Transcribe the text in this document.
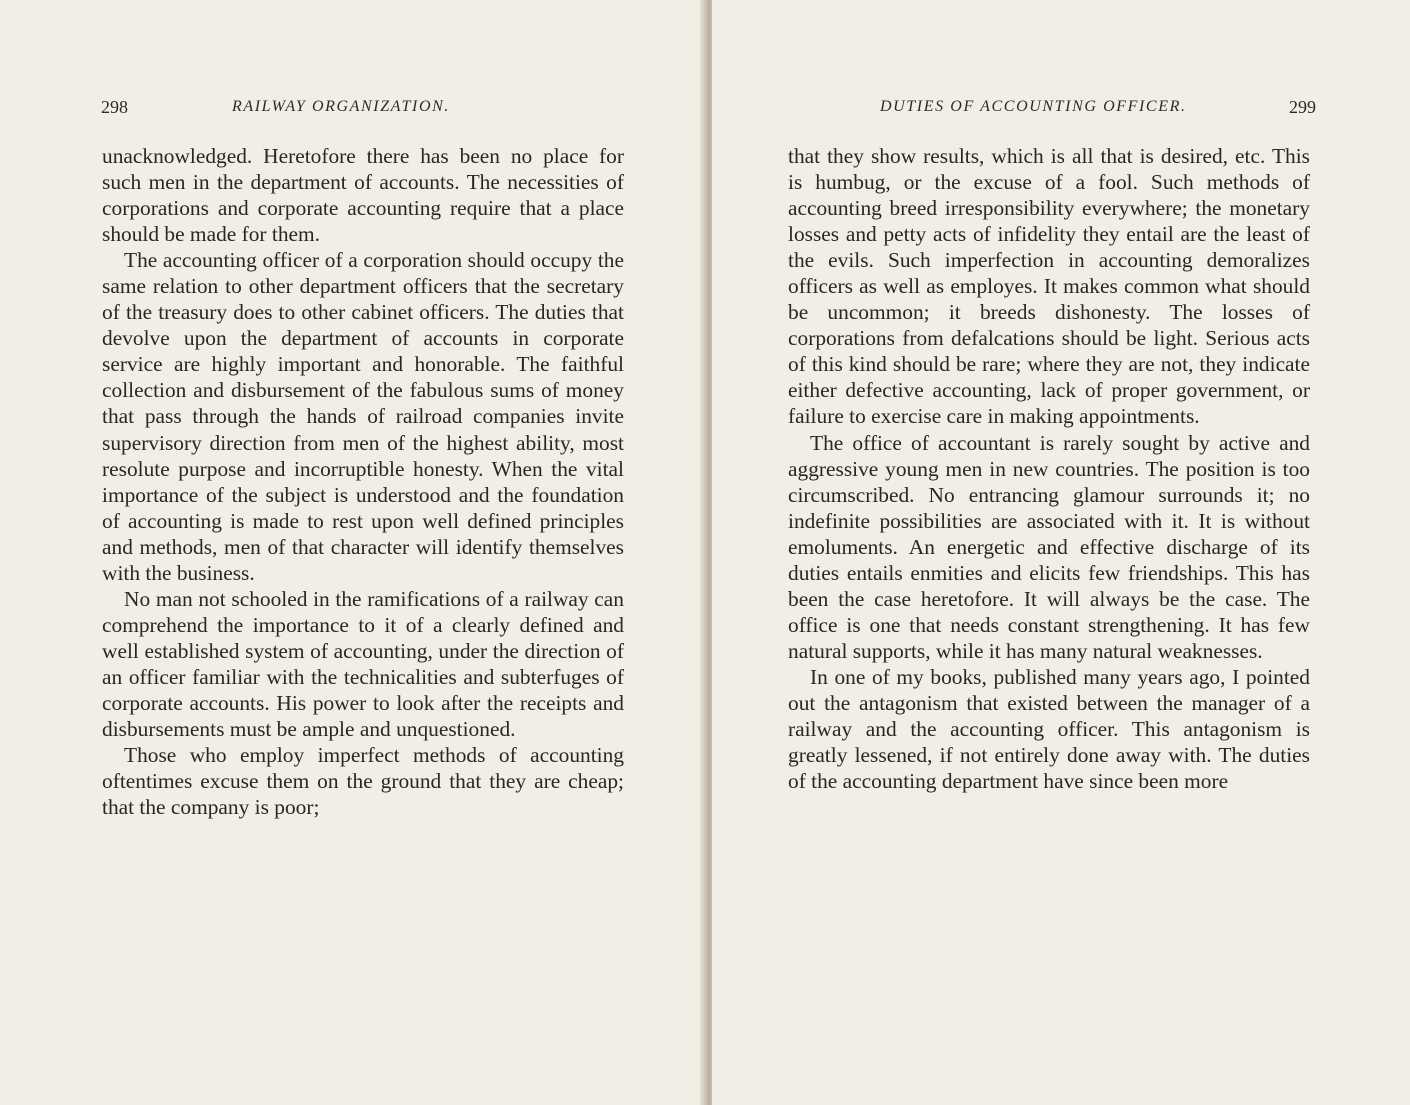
298	RAILWAY ORGANIZATION.

unacknowledged. Heretofore there has been no place for such men in the department of accounts. The necessities of corporations and corporate accounting require that a place should be made for them.

The accounting officer of a corporation should occupy the same relation to other department officers that the secretary of the treasury does to other cabinet officers. The duties that devolve upon the department of accounts in corporate service are highly important and honorable. The faithful collection and disbursement of the fabulous sums of money that pass through the hands of railroad companies invite supervisory direction from men of the highest ability, most resolute purpose and incorruptible honesty. When the vital importance of the subject is understood and the foundation of accounting is made to rest upon well defined principles and methods, men of that character will identify themselves with the business.

No man not schooled in the ramifications of a railway can comprehend the importance to it of a clearly defined and well established system of accounting, under the direction of an officer familiar with the technicalities and subterfuges of corporate accounts. His power to look after the receipts and disbursements must be ample and unquestioned.

Those who employ imperfect methods of accounting oftentimes excuse them on the ground that they are cheap; that the company is poor;

DUTIES OF ACCOUNTING OFFICER.	299

that they show results, which is all that is desired, etc. This is humbug, or the excuse of a fool. Such methods of accounting breed irresponsibility everywhere; the monetary losses and petty acts of infidelity they entail are the least of the evils. Such imperfection in accounting demoralizes officers as well as employes. It makes common what should be uncommon; it breeds dishonesty. The losses of corporations from defalcations should be light. Serious acts of this kind should be rare; where they are not, they indicate either defective accounting, lack of proper government, or failure to exercise care in making appointments.

The office of accountant is rarely sought by active and aggressive young men in new countries. The position is too circumscribed. No entrancing glamour surrounds it; no indefinite possibilities are associated with it. It is without emoluments. An energetic and effective discharge of its duties entails enmities and elicits few friendships. This has been the case heretofore. It will always be the case. The office is one that needs constant strengthening. It has few natural supports, while it has many natural weaknesses.

In one of my books, published many years ago, I pointed out the antagonism that existed between the manager of a railway and the accounting officer. This antagonism is greatly lessened, if not entirely done away with. The duties of the accounting department have since been more
